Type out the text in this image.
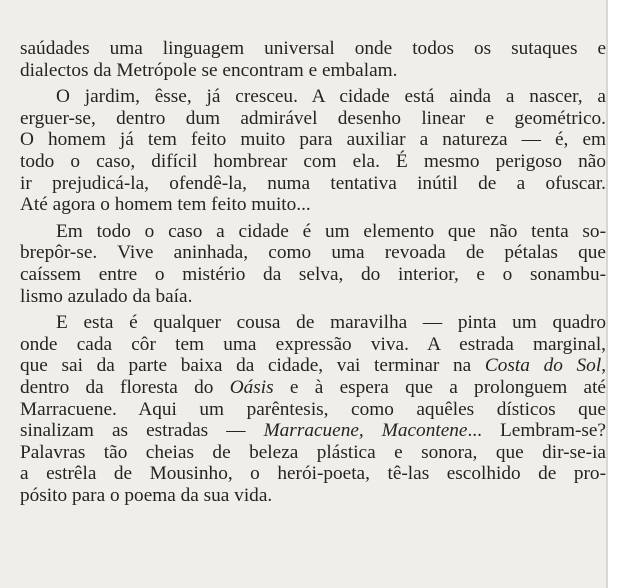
saúdades uma linguagem universal onde todos os sutaques e
dialectos da Metrópole se encontram e embalam.
O jardim, êsse, já cresceu. A cidade está ainda a nascer, a
erguer-se, dentro dum admirável desenho linear e geométrico.
O homem já tem feito muito para auxiliar a natureza — é, em
todo o caso, difícil hombrear com ela. É mesmo perigoso não
ir prejudicá-la, ofendê-la, numa tentativa inútil de a ofuscar.
Até agora o homem tem feito muito...
Em todo o caso a cidade é um elemento que não tenta so-
brepôr-se. Vive aninhada, como uma revoada de pétalas que
caíssem entre o mistério da selva, do interior, e o sonambu-
lismo azulado da baía.
E esta é qualquer cousa de maravilha — pinta um quadro
onde cada côr tem uma expressão viva. A estrada marginal,
que sai da parte baixa da cidade, vai terminar na Costa do Sol,
dentro da floresta do Oásis e à espera que a prolonguem até
Marracuene. Aqui um parêntesis, como aquêles dísticos que
sinalizam as estradas — Marracuene, Macontene... Lembram-se?
Palavras tão cheias de beleza plástica e sonora, que dir-se-ia
a estrêla de Mousinho, o herói-poeta, tê-las escolhido de pro-
pósito para o poema da sua vida.
